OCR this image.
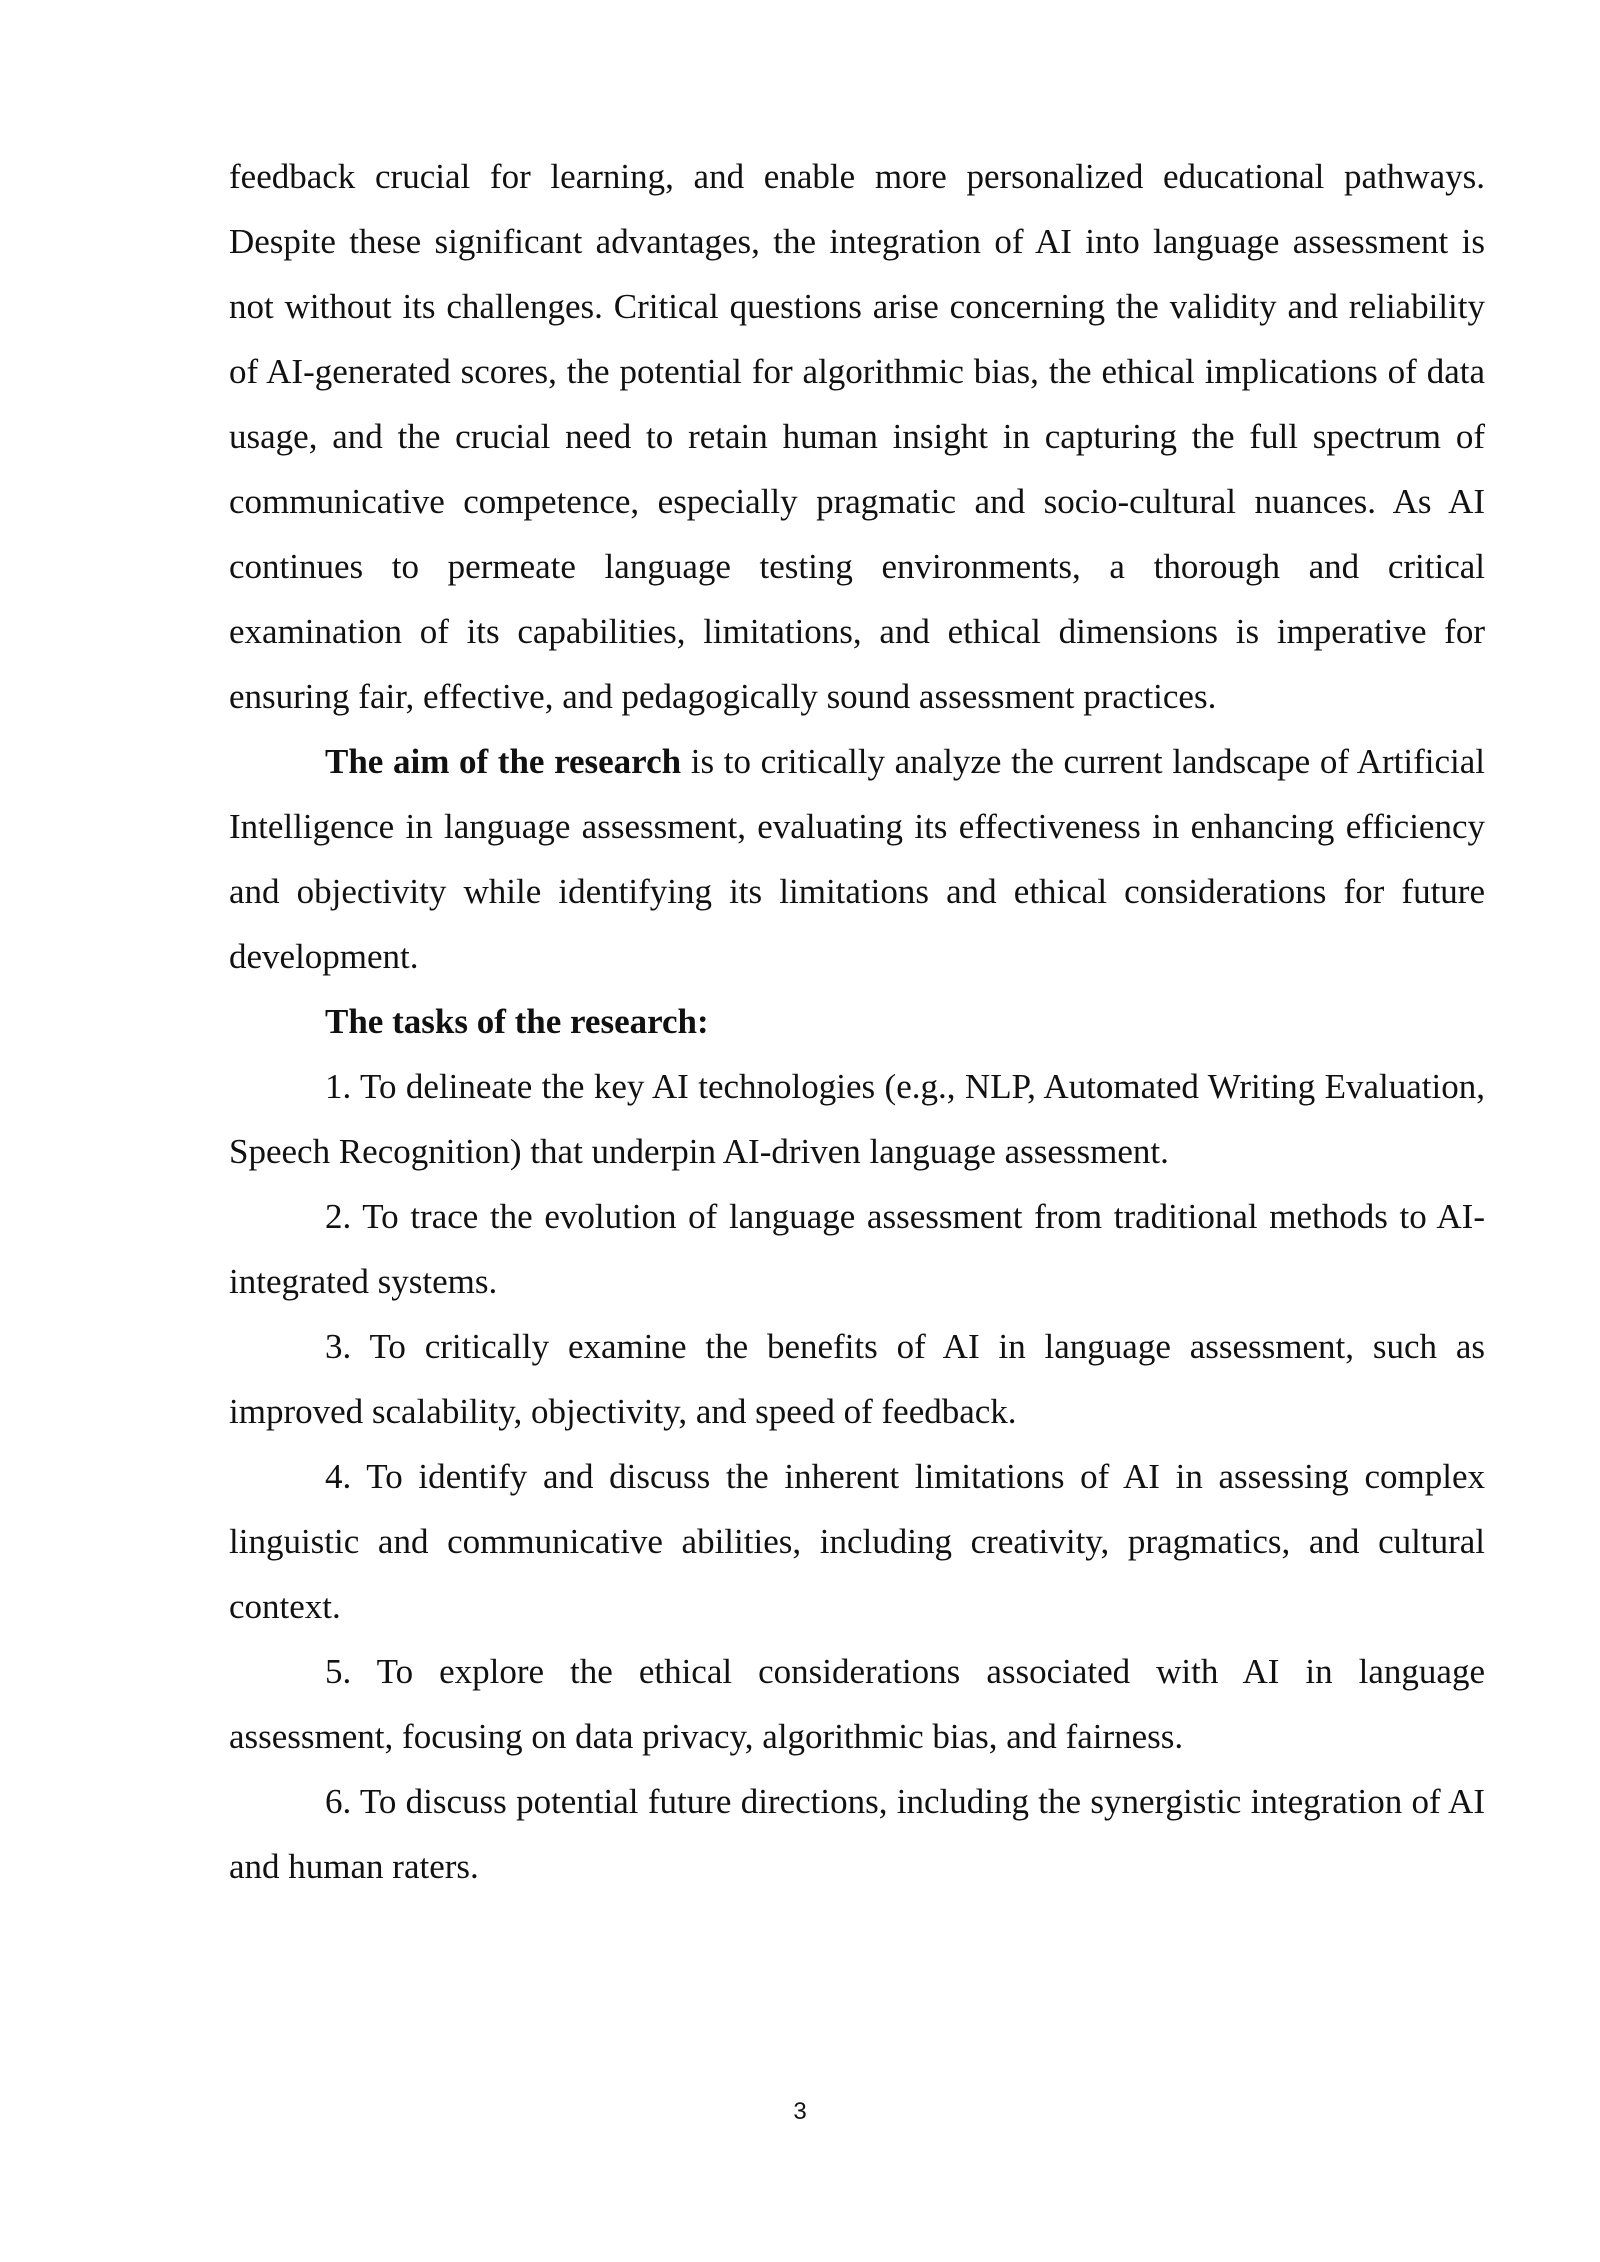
feedback crucial for learning, and enable more personalized educational pathways. Despite these significant advantages, the integration of AI into language assessment is not without its challenges. Critical questions arise concerning the validity and reliability of AI-generated scores, the potential for algorithmic bias, the ethical implications of data usage, and the crucial need to retain human insight in capturing the full spectrum of communicative competence, especially pragmatic and socio-cultural nuances. As AI continues to permeate language testing environments, a thorough and critical examination of its capabilities, limitations, and ethical dimensions is imperative for ensuring fair, effective, and pedagogically sound assessment practices.

The aim of the research is to critically analyze the current landscape of Artificial Intelligence in language assessment, evaluating its effectiveness in enhancing efficiency and objectivity while identifying its limitations and ethical considerations for future development.

The tasks of the research:

1. To delineate the key AI technologies (e.g., NLP, Automated Writing Evaluation, Speech Recognition) that underpin AI-driven language assessment.

2. To trace the evolution of language assessment from traditional methods to AI-integrated systems.

3. To critically examine the benefits of AI in language assessment, such as improved scalability, objectivity, and speed of feedback.

4. To identify and discuss the inherent limitations of AI in assessing complex linguistic and communicative abilities, including creativity, pragmatics, and cultural context.

5. To explore the ethical considerations associated with AI in language assessment, focusing on data privacy, algorithmic bias, and fairness.

6. To discuss potential future directions, including the synergistic integration of AI and human raters.

3
